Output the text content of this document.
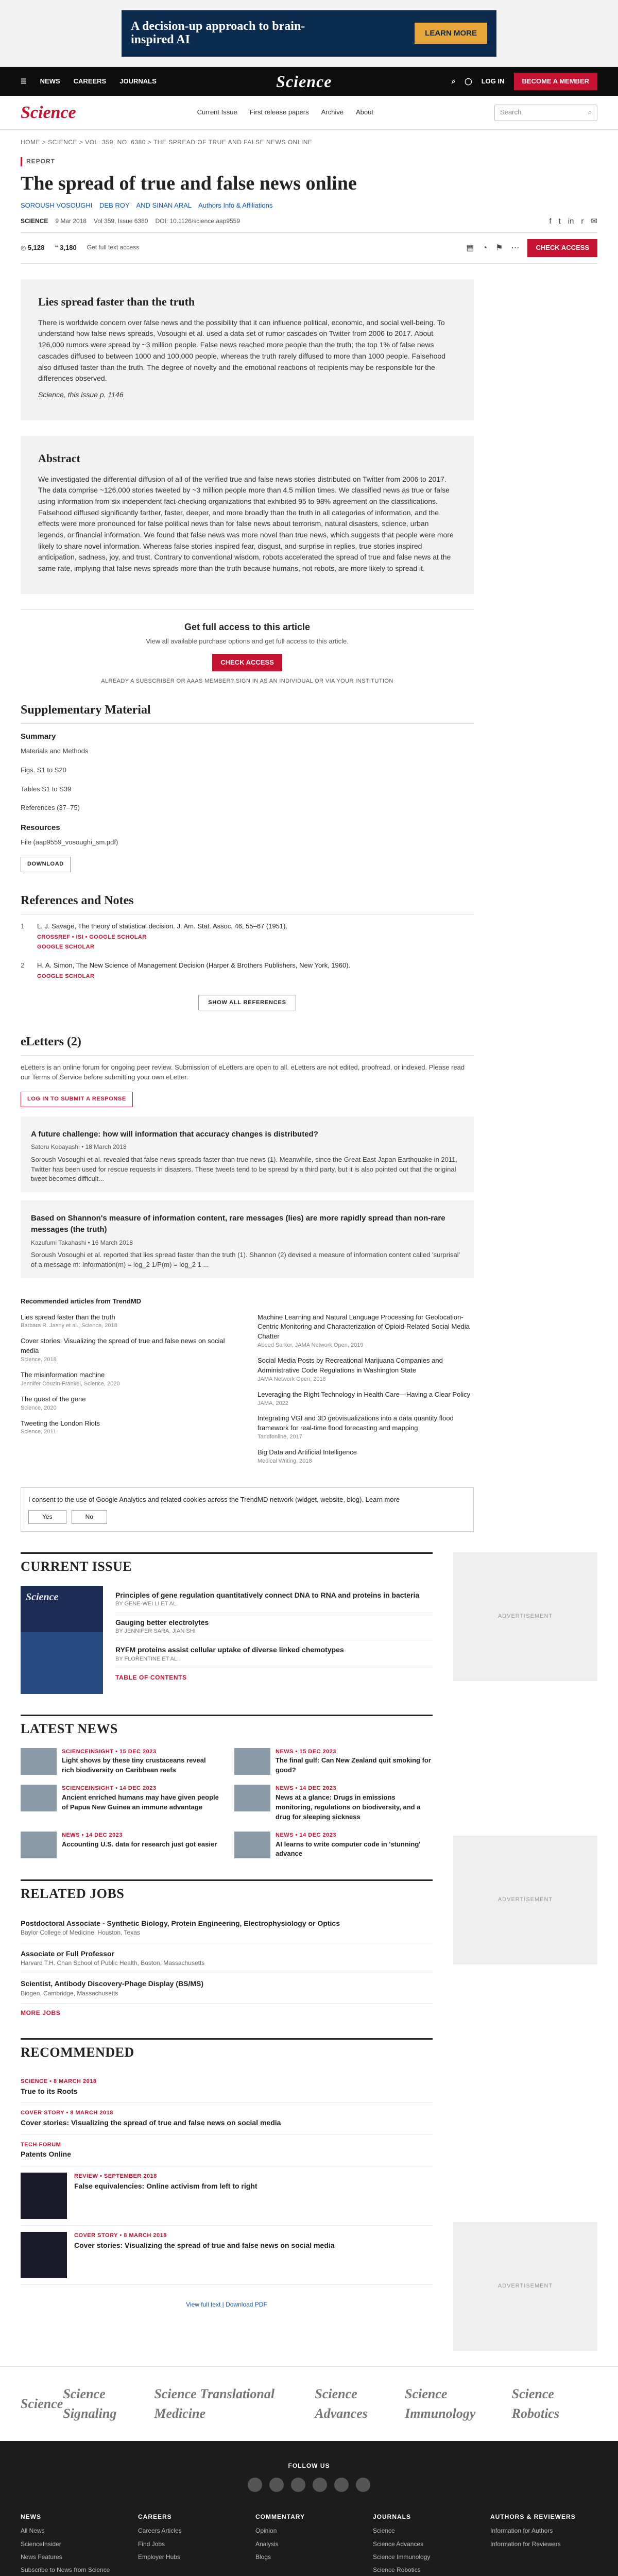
A decision-up approach to brain-inspired AI	LEARN MORE
☰ NEWS CAREERS JOURNALS	Science	⌕ ◯ LOG IN	BECOME A MEMBER
Science	Current Issue First release papers Archive About	Search	⌕
HOME > SCIENCE > VOL. 359, NO. 6380 > THE SPREAD OF TRUE AND FALSE NEWS ONLINE
REPORT
The spread of true and false news online
SOROUSH VOSOUGHI DEB ROY AND SINAN ARAL Authors Info & Affiliations
SCIENCE 9 Mar 2018 Vol 359, Issue 6380 DOI: 10.1126/science.aap9559	f t in r ✉
◎ 5,128 ❝ 3,180 Get full text access	▤ ◔ ⚑ ⋯	CHECK ACCESS
Lies spread faster than the truth

There is worldwide concern over false news and the possibility that it can influence political, economic, and social well-being. To understand how false news spreads, Vosoughi et al. used a data set of rumor cascades on Twitter from 2006 to 2017. About 126,000 rumors were spread by ~3 million people. False news reached more people than the truth; the top 1% of false news cascades diffused to between 1000 and 100,000 people, whereas the truth rarely diffused to more than 1000 people. Falsehood also diffused faster than the truth. The degree of novelty and the emotional reactions of recipients may be responsible for the differences observed.

Science, this issue p. 1146

Abstract

We investigated the differential diffusion of all of the verified true and false news stories distributed on Twitter from 2006 to 2017. The data comprise ~126,000 stories tweeted by ~3 million people more than 4.5 million times. We classified news as true or false using information from six independent fact-checking organizations that exhibited 95 to 98% agreement on the classifications. Falsehood diffused significantly farther, faster, deeper, and more broadly than the truth in all categories of information, and the effects were more pronounced for false political news than for false news about terrorism, natural disasters, science, urban legends, or financial information. We found that false news was more novel than true news, which suggests that people were more likely to share novel information. Whereas false stories inspired fear, disgust, and surprise in replies, true stories inspired anticipation, sadness, joy, and trust. Contrary to conventional wisdom, robots accelerated the spread of true and false news at the same rate, implying that false news spreads more than the truth because humans, not robots, are more likely to spread it.

Get full access to this article

View all available purchase options and get full access to this article.

CHECK ACCESS
ALREADY A SUBSCRIBER OR AAAS MEMBER? SIGN IN AS AN INDIVIDUAL OR VIA YOUR INSTITUTION
Supplementary Material
Summary

Materials and Methods

Figs. S1 to S20

Tables S1 to S39

References (37–75)

Resources

File (aap9559_vosoughi_sm.pdf)

DOWNLOAD
References and Notes
1	L. J. Savage, The theory of statistical decision. J. Am. Stat. Assoc. 46, 55–67 (1951).
CROSSREF • ISI • GOOGLE SCHOLAR
GOOGLE SCHOLAR
2	H. A. Simon, The New Science of Management Decision (Harper & Brothers Publishers, New York, 1960).
GOOGLE SCHOLAR
SHOW ALL REFERENCES
eLetters (2)

eLetters is an online forum for ongoing peer review. Submission of eLetters are open to all. eLetters are not edited, proofread, or indexed. Please read our Terms of Service before submitting your own eLetter.

LOG IN TO SUBMIT A RESPONSE
A future challenge: how will information that accuracy changes is distributed?
Satoru Kobayashi • 18 March 2018

Soroush Vosoughi et al. revealed that false news spreads faster than true news (1). Meanwhile, since the Great East Japan Earthquake in 2011, Twitter has been used for rescue requests in disasters. These tweets tend to be spread by a third party, but it is also pointed out that the original tweet becomes difficult...

Based on Shannon's measure of information content, rare messages (lies) are more rapidly spread than non-rare messages (the truth)
Kazufumi Takahashi • 16 March 2018

Soroush Vosoughi et al. reported that lies spread faster than the truth (1). Shannon (2) devised a measure of information content called 'surprisal' of a message m: Information(m) = log_2 1/P(m) = log_2 1 ...

Recommended articles from TrendMD
Lies spread faster than the truth
Barbara R. Jasny et al., Science, 2018
Cover stories: Visualizing the spread of true and false news on social media
Science, 2018
The misinformation machine
Jennifer Couzin-Frankel, Science, 2020
The quest of the gene
Science, 2020
Tweeting the London Riots
Science, 2011

Machine Learning and Natural Language Processing for Geolocation-Centric Monitoring and Characterization of Opioid-Related Social Media Chatter
Abeed Sarker, JAMA Network Open, 2019
Social Media Posts by Recreational Marijuana Companies and Administrative Code Regulations in Washington State
JAMA Network Open, 2018
Leveraging the Right Technology in Health Care—Having a Clear Policy
JAMA, 2022
Integrating VGI and 3D geovisualizations into a data quantity flood framework for real-time flood forecasting and mapping
Tandfonline, 2017
Big Data and Artificial Intelligence
Medical Writing, 2018
I consent to the use of Google Analytics and related cookies across the TrendMD network (widget, website, blog). Learn more
Yes	No
CURRENT ISSUE
Science	Principles of gene regulation quantitatively connect DNA to RNA and proteins in bacteria
BY GENE-WEI LI ET AL.
Gauging better electrolytes
BY JENNIFER SARA, JIAN SHI
RYFM proteins assist cellular uptake of diverse linked chemotypes
BY FLORENTINE ET AL.
TABLE OF CONTENTS
LATEST NEWS
SCIENCEINSIGHT • 15 DEC 2023
Light shows by these tiny crustaceans reveal rich biodiversity on Caribbean reefs
NEWS • 15 DEC 2023
The final gulf: Can New Zealand quit smoking for good?
SCIENCEINSIGHT • 14 DEC 2023
Ancient enriched humans may have given people of Papua New Guinea an immune advantage
NEWS • 14 DEC 2023
News at a glance: Drugs in emissions monitoring, regulations on biodiversity, and a drug for sleeping sickness
NEWS • 14 DEC 2023
Accounting U.S. data for research just got easier
NEWS • 14 DEC 2023
AI learns to write computer code in 'stunning' advance
RELATED JOBS
Postdoctoral Associate - Synthetic Biology, Protein Engineering, Electrophysiology or Optics
Baylor College of Medicine, Houston, Texas
Associate or Full Professor
Harvard T.H. Chan School of Public Health, Boston, Massachusetts
Scientist, Antibody Discovery-Phage Display (BS/MS)
Biogen, Cambridge, Massachusetts
MORE JOBS
RECOMMENDED
SCIENCE • 8 MARCH 2018
True to its Roots
COVER STORY • 8 MARCH 2018
Cover stories: Visualizing the spread of true and false news on social media
TECH FORUM
Patents Online
REVIEW • SEPTEMBER 2018
False equivalencies: Online activism from left to right
COVER STORY • 8 MARCH 2018
Cover stories: Visualizing the spread of true and false news on social media
View full text | Download PDF
ADVERTISEMENT
ADVERTISEMENT
ADVERTISEMENT
Science
Science Signaling
Science Translational Medicine
Science Advances
Science Immunology
Science Robotics
FOLLOW US
NEWS
All News
ScienceInsider
News Features
Subscribe to News from Science
CAREERS
Careers Articles
Find Jobs
Employer Hubs
COMMENTARY
Opinion
Analysis
Blogs
JOURNALS
Science
Science Advances
Science Immunology
Science Robotics
AUTHORS & REVIEWERS
Information for Authors
Information for Reviewers
